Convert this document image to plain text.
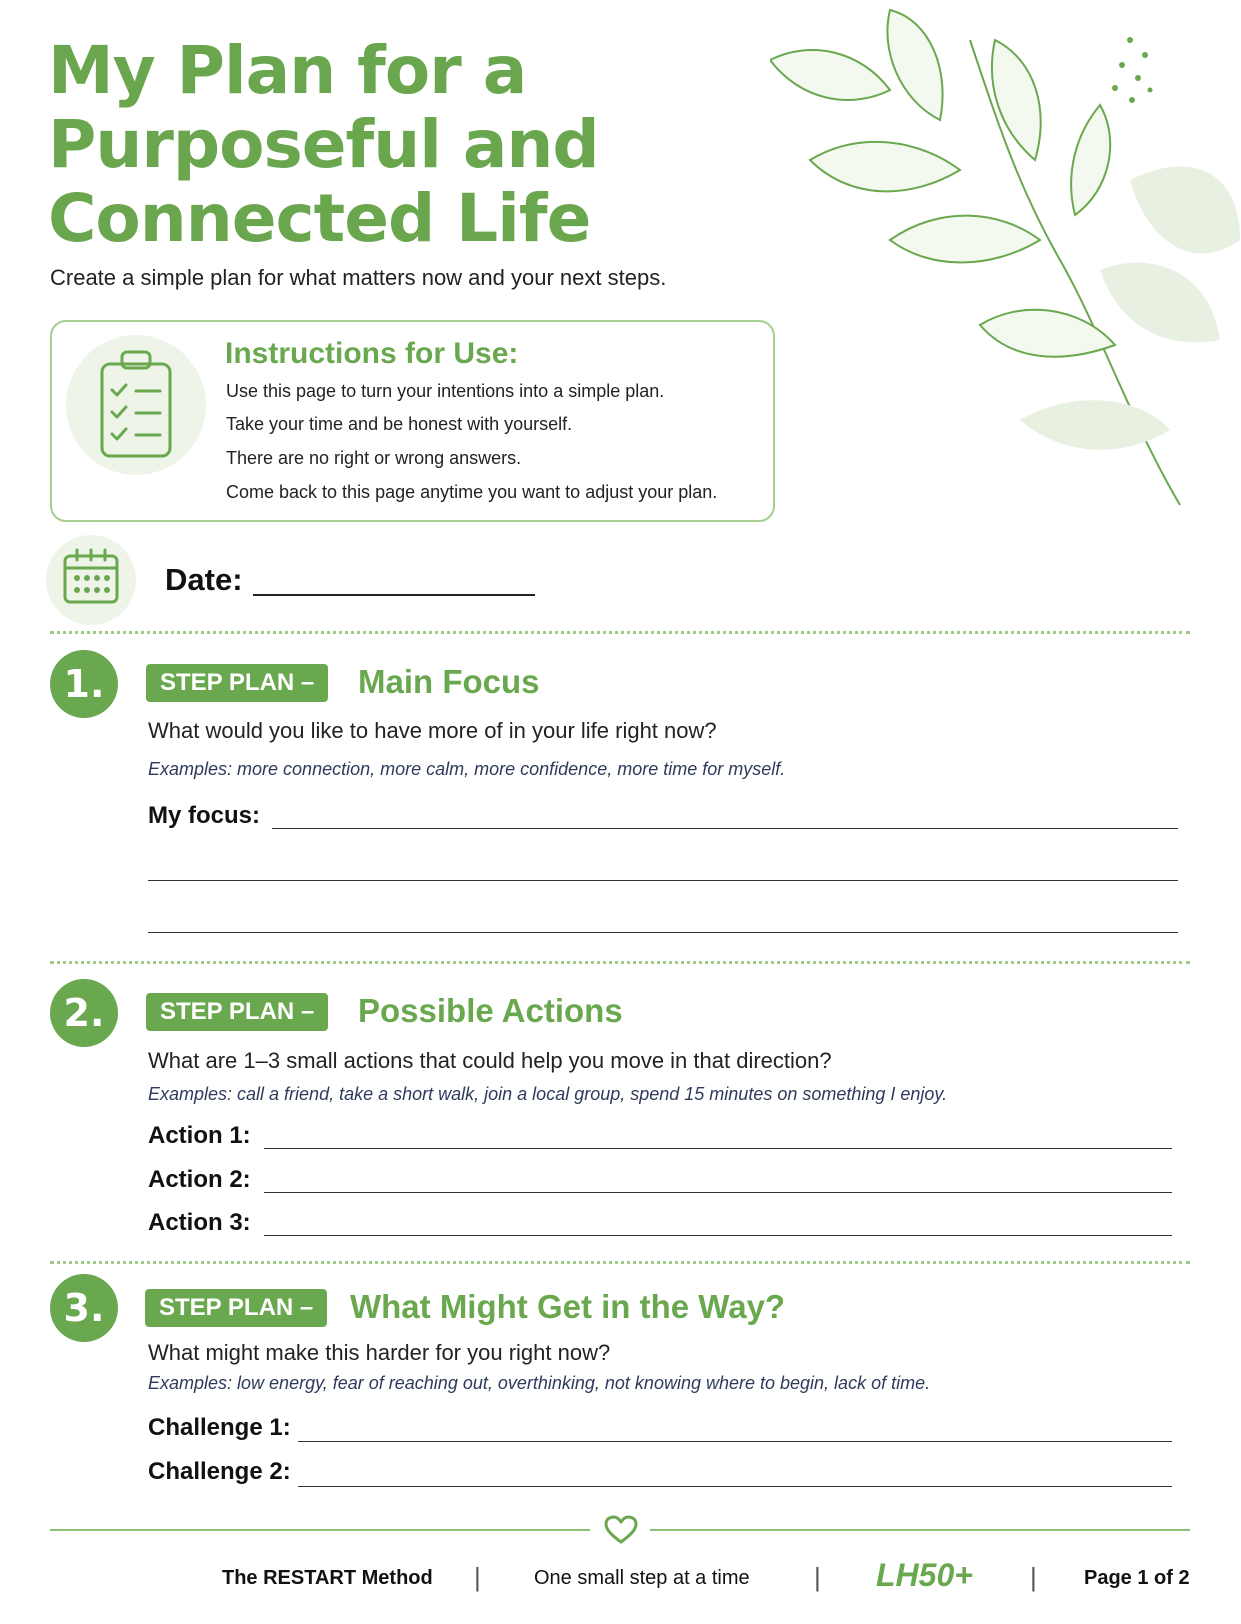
My Plan for a
Purposeful and
Connected Life
Create a simple plan for what matters now and your next steps.
Instructions for Use:
Use this page to turn your intentions into a simple plan.
Take your time and be honest with yourself.
There are no right or wrong answers.
Come back to this page anytime you want to adjust your plan.
Date:
1.	STEP PLAN –	Main Focus
What would you like to have more of in your life right now?
Examples: more connection, more calm, more confidence, more time for myself.
My focus:
2.	STEP PLAN –	Possible Actions
What are 1–3 small actions that could help you move in that direction?
Examples: call a friend, take a short walk, join a local group, spend 15 minutes on something I enjoy.
Action 1:
Action 2:
Action 3:
3.	STEP PLAN –	What Might Get in the Way?
What might make this harder for you right now?
Examples: low energy, fear of reaching out, overthinking, not knowing where to begin, lack of time.
Challenge 1:
Challenge 2:
The RESTART Method |	One small step at a time | LH50+ | Page 1 of 2
